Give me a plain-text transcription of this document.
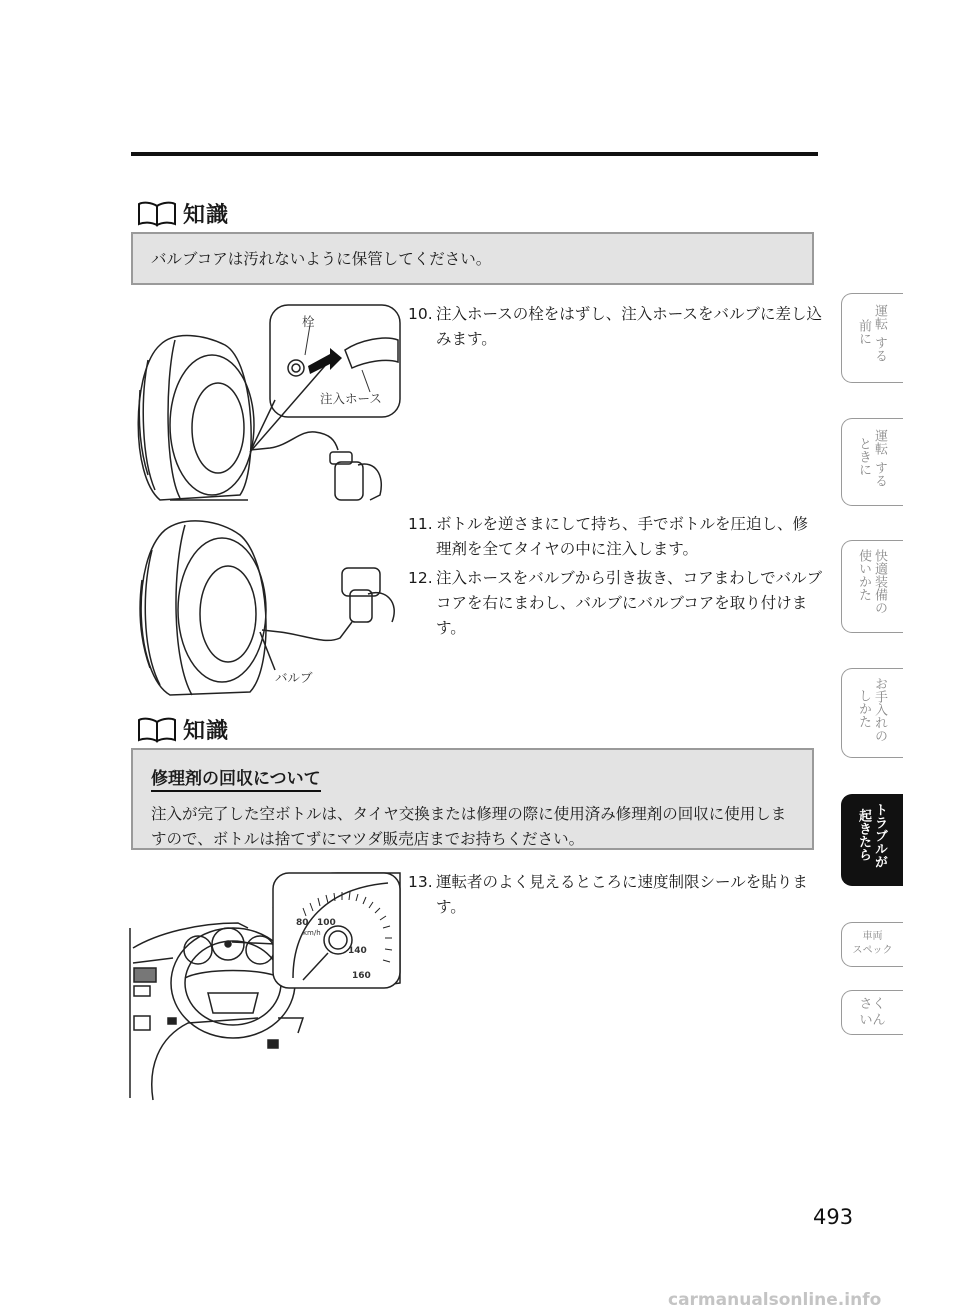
知識

バルブコアは汚れないように保管してください。

栓
注入ホース
10. 注入ホースの栓をはずし、注入ホースをバルブに差し込みます。
バルブ
11. ボトルを逆さまにして持ち、手でボトルを圧迫し、修理剤を全てタイヤの中に注入します。
12. 注入ホースをバルブから引き抜き、コアまわしでバルブコアを右にまわし、バルブにバルブコアを取り付けます。
知識
修理剤の回収について

注入が完了した空ボトルは、タイヤ交換または修理の際に使用済み修理剤の回収に使用しますので、ボトルは捨てずにマツダ販売店までお持ちください。

13. 運転者のよく見えるところに速度制限シールを貼ります。
80 100
km/h
140
160
運転
前に
する
運転
ときに する
快適装備の
使いかた
お手入れの
しかた
トラブルが
起きたら
車両
スペック
さく
いん
493
carmanualsonline.info
